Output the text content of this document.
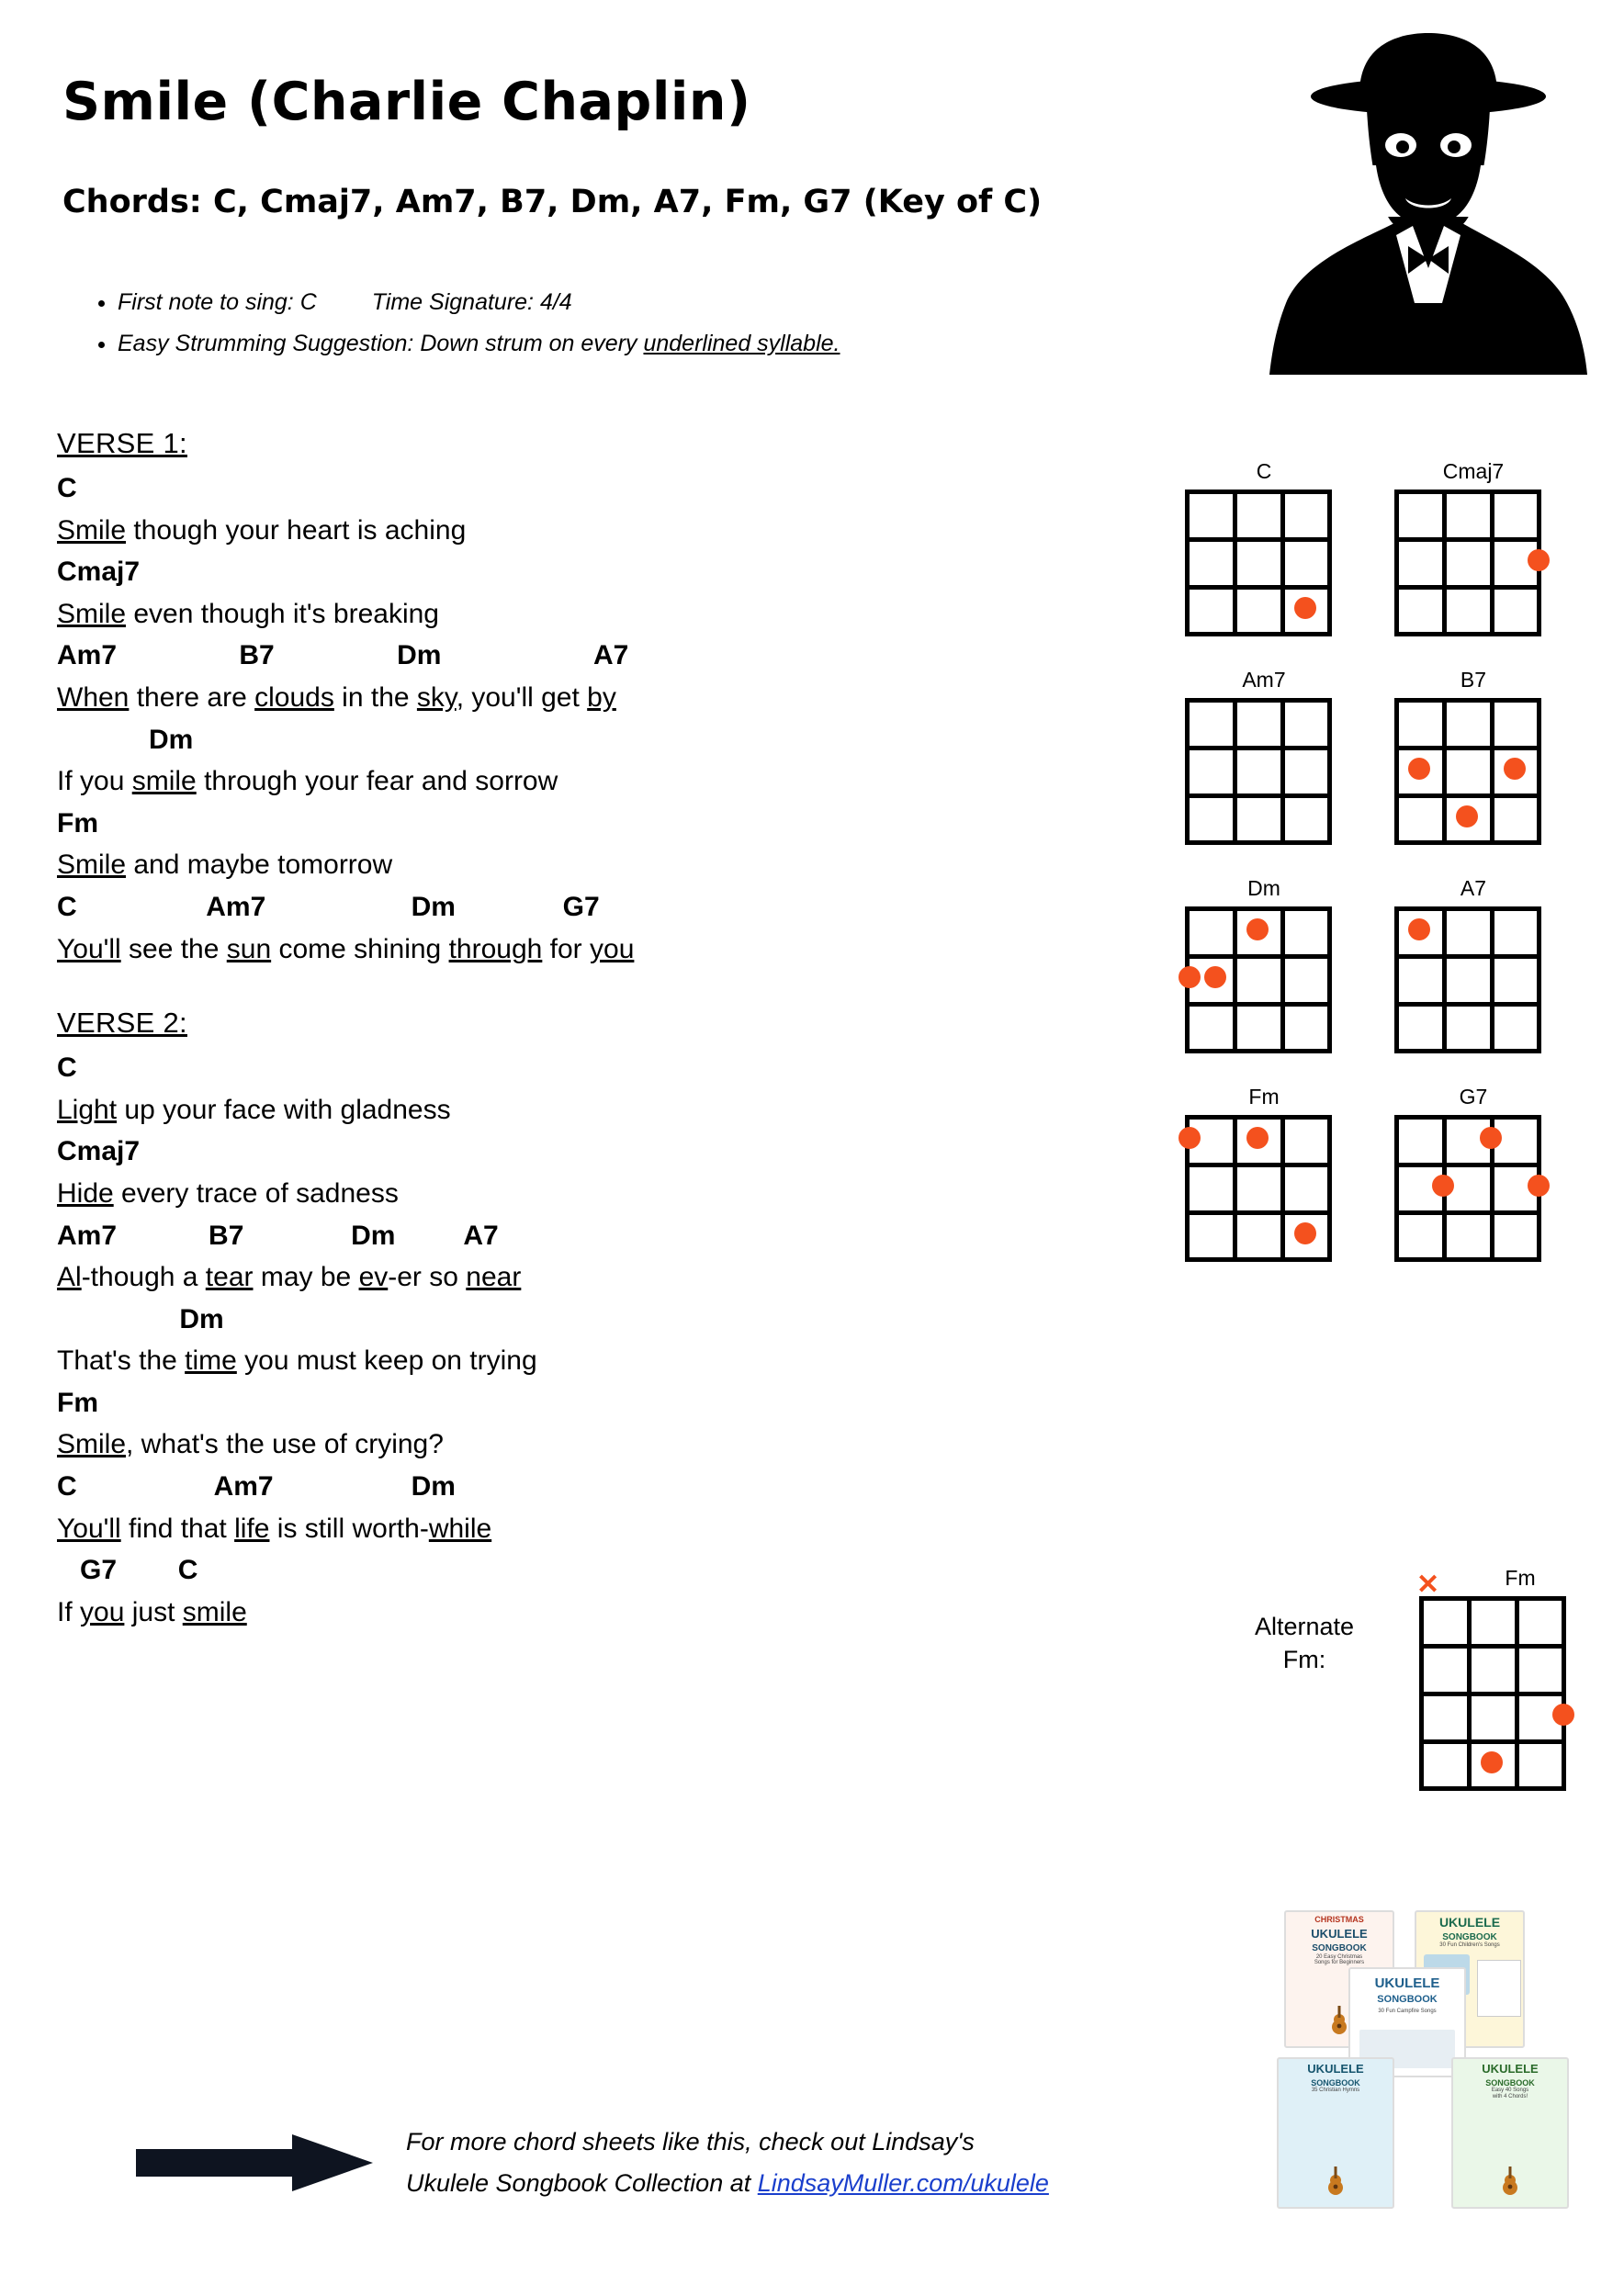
Smile (Charlie Chaplin)
Chords: C, Cmaj7, Am7, B7, Dm, A7, Fm, G7 (Key of C)
• First note to sing: C Time Signature: 4/4
• Easy Strumming Suggestion: Down strum on every underlined syllable.
VERSE 1:
C
Smile though your heart is aching
Cmaj7
Smile even though it's breaking
Am7                B7                Dm                    A7
When there are clouds in the sky, you'll get by
Dm
If you smile through your fear and sorrow
Fm
Smile and maybe tomorrow
C                 Am7                   Dm              G7
You'll see the sun come shining through for you
VERSE 2:
C
Light up your face with gladness
Cmaj7
Hide every trace of sadness
Am7            B7              Dm         A7
Al-though a tear may be ev-er so near
Dm
That's the time you must keep on trying
Fm
Smile, what's the use of crying?
C                  Am7                  Dm
You'll find that life is still worth-while
G7        C
If you just smile
C	Cmaj7
Am7	B7
Dm	A7
Fm	G7
Alternate
Fm:
Fm
✕
CHRISTMAS
UKULELE
SONGBOOK
20 Easy Christmas
Songs for Beginners
UKULELE
SONGBOOK
30 Fun Children's Songs
UKULELE
SONGBOOK
30 Fun Campfire Songs
UKULELE
SONGBOOK
35 Christian Hymns
UKULELE
SONGBOOK
Easy 40 Songs
with 4 Chords!
For more chord sheets like this, check out Lindsay's
Ukulele Songbook Collection at LindsayMuller.com/ukulele
